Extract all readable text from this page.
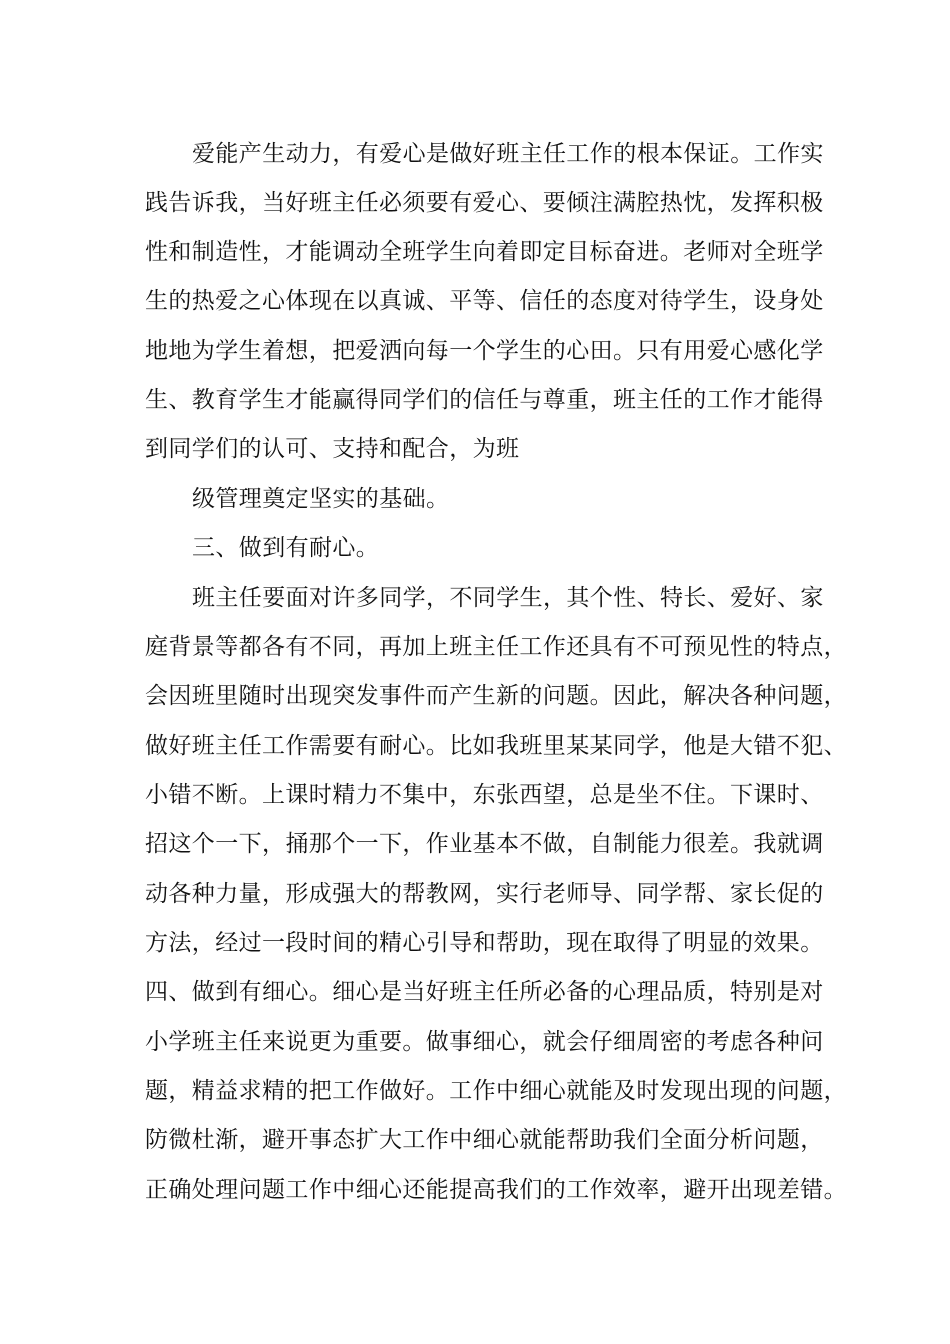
爱能产生动力，有爱心是做好班主任工作的根本保证。工作实
践告诉我，当好班主任必须要有爱心、要倾注满腔热忱，发挥积极
性和制造性，才能调动全班学生向着即定目标奋进。老师对全班学
生的热爱之心体现在以真诚、平等、信任的态度对待学生，设身处
地地为学生着想，把爱洒向每一个学生的心田。只有用爱心感化学
生、教育学生才能赢得同学们的信任与尊重，班主任的工作才能得
到同学们的认可、支持和配合，为班
级管理奠定坚实的基础。
三、做到有耐心。
班主任要面对许多同学，不同学生，其个性、特长、爱好、家
庭背景等都各有不同，再加上班主任工作还具有不可预见性的特点，
会因班里随时出现突发事件而产生新的问题。因此，解决各种问题，
做好班主任工作需要有耐心。比如我班里某某同学，他是大错不犯、
小错不断。上课时精力不集中，东张西望，总是坐不住。下课时、
招这个一下，捅那个一下，作业基本不做，自制能力很差。我就调
动各种力量，形成强大的帮教网，实行老师导、同学帮、家长促的
方法，经过一段时间的精心引导和帮助，现在取得了明显的效果。
四、做到有细心。细心是当好班主任所必备的心理品质，特别是对
小学班主任来说更为重要。做事细心，就会仔细周密的考虑各种问
题，精益求精的把工作做好。工作中细心就能及时发现出现的问题，
防微杜渐，避开事态扩大工作中细心就能帮助我们全面分析问题，
正确处理问题工作中细心还能提高我们的工作效率，避开出现差错。
